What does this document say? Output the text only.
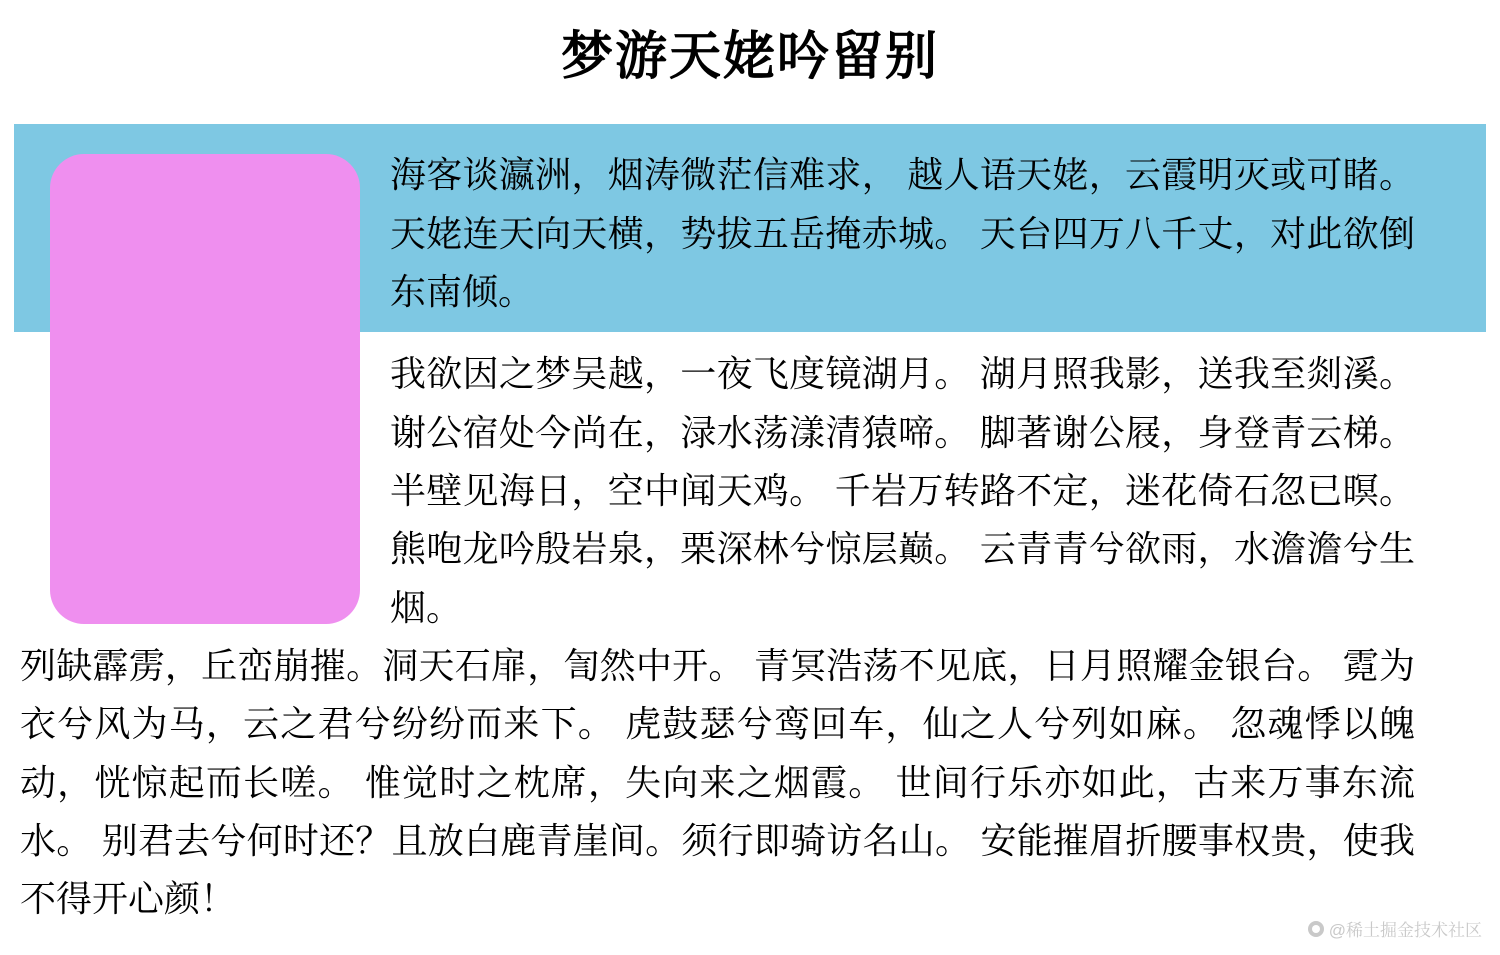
梦游天姥吟留别

海客谈瀛洲，烟涛微茫信难求， 越人语天姥，云霞明灭或可睹。 天姥连天向天横，势拔五岳掩赤城。 天台四万八千丈，对此欲倒东南倾。

我欲因之梦吴越，一夜飞度镜湖月。 湖月照我影，送我至剡溪。 谢公宿处今尚在，渌水荡漾清猿啼。 脚著谢公屐，身登青云梯。 半壁见海日，空中闻天鸡。 千岩万转路不定，迷花倚石忽已暝。 熊咆龙吟殷岩泉，栗深林兮惊层巅。 云青青兮欲雨，水澹澹兮生烟。

列缺霹雳，丘峦崩摧。洞天石扉，訇然中开。 青冥浩荡不见底，日月照耀金银台。 霓为衣兮风为马，云之君兮纷纷而来下。 虎鼓瑟兮鸾回车，仙之人兮列如麻。 忽魂悸以魄动，恍惊起而长嗟。 惟觉时之枕席，失向来之烟霞。 世间行乐亦如此，古来万事东流水。 别君去兮何时还？且放白鹿青崖间。须行即骑访名山。 安能摧眉折腰事权贵，使我不得开心颜！

@稀土掘金技术社区
